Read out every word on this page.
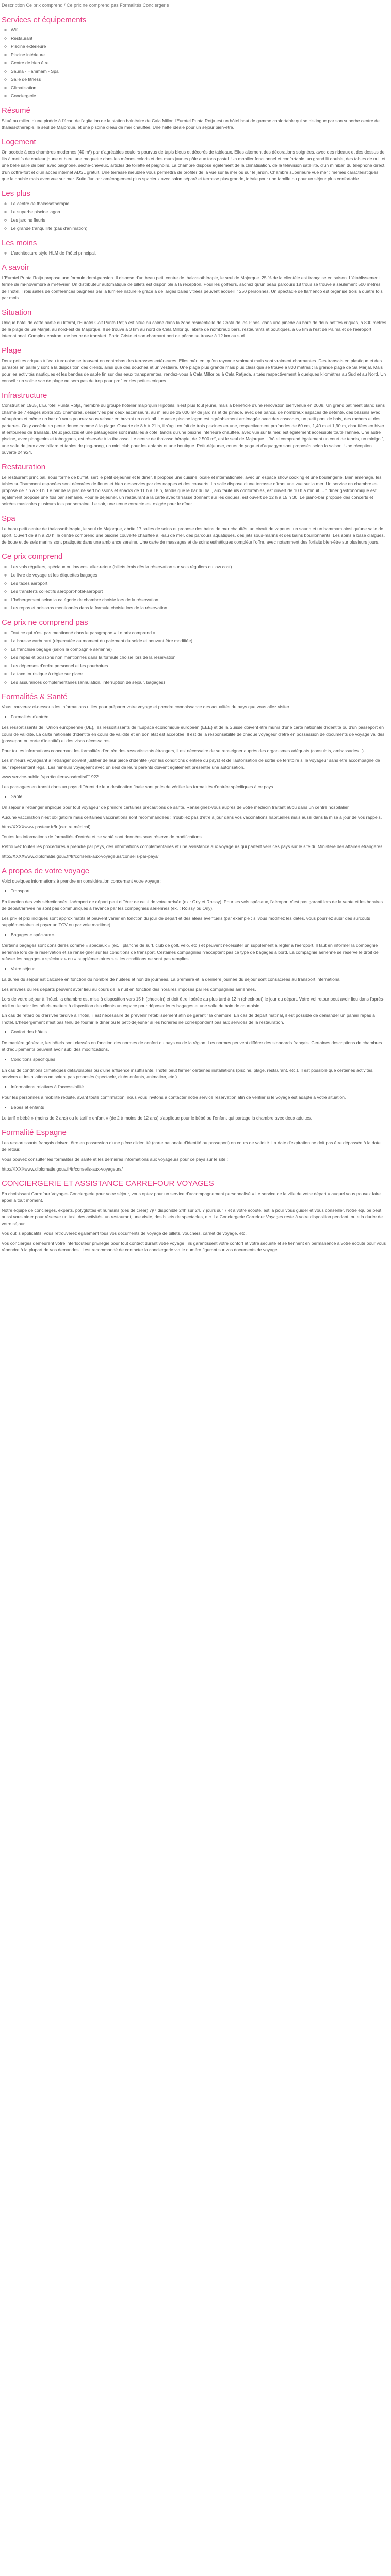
Description Ce prix comprend / Ce prix ne comprend pas Formalités Conciergerie
Services et équipements
◦ Wifi
◦ Restaurant
◦ Piscine extérieure
◦ Piscine intérieure
◦ Centre de bien être
◦ Sauna - Hammam - Spa
◦ Salle de fitness
◦ Climatisation
◦ Conciergerie
Résumé

Situé au milieu d'une pinède à l'écart de l'agitation de la station balnéaire de Cala Millor, l'Eurotel Punta Rotja est un hôtel haut de gamme confortable qui se distingue par son superbe centre de thalassothérapie, le seul de Majorque, et une piscine d'eau de mer chauffée. Une halte idéale pour un séjour bien-être.

Logement

On accède à ces chambres modernes (40 m²) par d'agréables couloirs pourvus de tapis bleus et décorés de tableaux. Elles alternent des décorations soignées, avec des rideaux et des dessus de lits à motifs de couleur jaune et bleu, une moquette dans les mêmes coloris et des murs jaunes pâle aux tons pastel. Un mobilier fonctionnel et confortable, un grand lit double, des tables de nuit et une belle salle de bain avec baignoire, sèche-cheveux, articles de toilette et peignoirs. La chambre dispose également de la climatisation, de la télévision satellite, d'un minibar, du téléphone direct, d'un coffre-fort et d'un accès internet ADSL gratuit. Une terrasse meublée vous permettra de profiter de la vue sur la mer ou sur le jardin. Chambre supérieure vue mer : mêmes caractéristiques que la double mais avec vue sur mer. Suite Junior : aménagement plus spacieux avec salon séparé et terrasse plus grande, idéale pour une famille ou pour un séjour plus confortable.

Les plus
◦ Le centre de thalassothérapie
◦ Le superbe piscine lagon
◦ Les jardins fleuris
◦ Le grande tranquillité (pas d'animation)
Les moins
◦ L'architecture style HLM de l'hôtel principal.
A savoir

L'Eurotel Punta Rotja propose une formule demi-pension. Il dispose d'un beau petit centre de thalassothérapie, le seul de Majorque. 25 % de la clientèle est française en saison. L'établissement ferme de mi-novembre à mi-février. Un distributeur automatique de billets est disponible à la réception. Pour les golfeurs, sachez qu'un beau parcours 18 trous se trouve à seulement 500 mètres de l'hôtel. Trois salles de conférences baignées par la lumière naturelle grâce à de larges baies vitrées peuvent accueillir 250 personnes. Un spectacle de flamenco est organisé trois à quatre fois par mois.

Situation

Unique hôtel de cette partie du littoral, l'Eurotel Golf Punta Rotja est situé au calme dans la zone résidentielle de Costa de los Pinos, dans une pinède au bord de deux petites criques, à 800 mètres de la plage de Sa Marjal, au nord-est de Majorque. Il se trouve à 3 km au nord de Cala Millor qui abrite de nombreux bars, restaurants et boutiques, à 65 km à l'est de Palma et de l'aéroport international. Complex environ une heure de transfert. Porto Cristo et son charmant port de pêche se trouve à 12 km au sud.

Plage

Deux petites criques à l'eau turquoise se trouvent en contrebas des terrasses extérieures. Elles méritent qu'on rayonne vraiment mais sont vraiment charmantes. Des transats en plastique et des parasols en paille y sont à la disposition des clients, ainsi que des douches et un vestiaire. Une plage plus grande mais plus classique se trouve à 800 mètres : la grande plage de Sa Marjal. Mais pour les activités nautiques et les bandes de sable fin sur des eaux transparentes, rendez-vous à Cala Millor ou à Cala Ratjada, situés respectivement à quelques kilomètres au Sud et au Nord. Un conseil : un solide sac de plage ne sera pas de trop pour profiter des petites criques.

Infrastructure

Construit en 1965, L'Eurotel Punta Rotja, membre du groupe hôtelier majorquin Hipotels, n'est plus tout jeune, mais a bénéficié d'une rénovation bienvenue en 2008. Un grand bâtiment blanc sans charme de 7 étages abrite 203 chambres, desservies par deux ascenseurs, au milieu de 25 000 m² de jardins et de pinède, avec des bancs, de nombreux espaces de détente, des bassins avec nénuphars et même un bar où vous pourrez vous relaxer en buvant un cocktail. Le vaste piscine lagon est agréablement aménagée avec des cascades, un petit pont de bois, des rochers et des parterres. On y accède en pente douce comme à la plage. Ouverte de 8 h à 21 h, il s'agit en fait de trois piscines en une, respectivement profondes de 60 cm, 1,40 m et 1,90 m, chauffées en hiver et entourées de transats. Deux jacuzzis et une pataugeoire sont installés à côté, tandis qu'une piscine intérieure chauffée, avec vue sur la mer, est également accessible toute l'année. Une autre piscine, avec plongeoirs et toboggans, est réservée à la thalasso. Le centre de thalassothérapie, de 2 500 m², est le seul de Majorque. L'hôtel comprend également un court de tennis, un minigolf, une salle de jeux avec billard et tables de ping-pong, un mini club pour les enfants et une boutique. Petit-déjeuner, cours de yoga et d'aquagym sont proposés selon la saison. Une réception ouverte 24h/24.

Restauration

Le restaurant principal, sous forme de buffet, sert le petit déjeuner et le dîner. Il propose une cuisine locale et internationale, avec un espace show cooking et une boulangerie. Bien aménagé, les tables suffisamment espacées sont décorées de fleurs et bien desservies par des nappes et des couverts. La salle dispose d'une terrasse offrant une vue sur la mer. Un service en chambre est proposé de 7 h à 23 h. Le bar de la piscine sert boissons et snacks de 11 h à 18 h, tandis que le bar du hall, aux fauteuils confortables, est ouvert de 10 h à minuit. Un dîner gastronomique est également proposé une fois par semaine. Pour le déjeuner, un restaurant à la carte avec terrasse donnant sur les criques, est ouvert de 12 h à 15 h 30. Le piano-bar propose des concerts et soirées musicales plusieurs fois par semaine. Le soir, une tenue correcte est exigée pour le dîner.

Spa

Le beau petit centre de thalassothérapie, le seul de Majorque, abrite 17 salles de soins et propose des bains de mer chauffés, un circuit de vapeurs, un sauna et un hammam ainsi qu'une salle de sport. Ouvert de 9 h à 20 h, le centre comprend une piscine couverte chauffée à l'eau de mer, des parcours aquatiques, des jets sous-marins et des bains bouillonnants. Les soins à base d'algues, de boue et de sels marins sont pratiqués dans une ambiance sereine. Une carte de massages et de soins esthétiques complète l'offre, avec notamment des forfaits bien-être sur plusieurs jours.

Ce prix comprend
◦ Les vols réguliers, spéciaux ou low cost aller-retour (billets émis dès la réservation sur vols réguliers ou low cost)
◦ Le livre de voyage et les étiquettes bagages
◦ Les taxes aéroport
◦ Les transferts collectifs aéroport-hôtel-aéroport
◦ L'hébergement selon la catégorie de chambre choisie lors de la réservation
◦ Les repas et boissons mentionnés dans la formule choisie lors de la réservation
Ce prix ne comprend pas
◦ Tout ce qui n'est pas mentionné dans le paragraphe « Le prix comprend »
◦ La hausse carburant (répercutée au moment du paiement du solde et pouvant être modifiée)
◦ La franchise bagage (selon la compagnie aérienne)
◦ Les repas et boissons non mentionnés dans la formule choisie lors de la réservation
◦ Les dépenses d'ordre personnel et les pourboires
◦ La taxe touristique à régler sur place
◦ Les assurances complémentaires (annulation, interruption de séjour, bagages)
Formalités & Santé

Vous trouverez ci-dessous les informations utiles pour préparer votre voyage et prendre connaissance des actualités du pays que vous allez visiter.

• Formalités d'entrée

Les ressortissants de l'Union européenne (UE), les ressortissants de l'Espace économique européen (EEE) et de la Suisse doivent être munis d'une carte nationale d'identité ou d'un passeport en cours de validité. La carte nationale d'identité en cours de validité et en bon état est acceptée. Il est de la responsabilité de chaque voyageur d'être en possession de documents de voyage valides (passeport ou carte d'identité) et des visas nécessaires.

Pour toutes informations concernant les formalités d'entrée des ressortissants étrangers, il est nécessaire de se renseigner auprès des organismes adéquats (consulats, ambassades...).

Les mineurs voyageant à l'étranger doivent justifier de leur pièce d'identité (voir les conditions d'entrée du pays) et de l'autorisation de sortie de territoire si le voyageur sans être accompagné de leur représentant légal. Les mineurs voyageant avec un seul de leurs parents doivent également présenter une autorisation.

www.service-public.fr/particuliers/vosdroits/F1922

Les passagers en transit dans un pays différent de leur destination finale sont priés de vérifier les formalités d'entrée spécifiques à ce pays.

• Santé

Un séjour à l'étranger implique pour tout voyageur de prendre certaines précautions de santé. Renseignez-vous auprès de votre médecin traitant et/ou dans un centre hospitalier.

Aucune vaccination n'est obligatoire mais certaines vaccinations sont recommandées ; n'oubliez pas d'être à jour dans vos vaccinations habituelles mais aussi dans la mise à jour de vos rappels.

http://XXXXwww.pasteur.fr/fr (centre médical)

Toutes les informations de formalités d'entrée et de santé sont données sous réserve de modifications.

Retrouvez toutes les procédures à prendre par pays, des informations complémentaires et une assistance aux voyageurs qui partent vers ces pays sur le site du Ministère des Affaires étrangères.

http://XXXXwww.diplomatie.gouv.fr/fr/conseils-aux-voyageurs/conseils-par-pays/

A propos de votre voyage

Voici quelques informations à prendre en considération concernant votre voyage :

• Transport

En fonction des vols sélectionnés, l'aéroport de départ peut différer de celui de votre arrivée (ex : Orly et Roissy). Pour les vols spéciaux, l'aéroport n'est pas garanti lors de la vente et les horaires de départ/arrivée ne sont pas communiqués à l'avance par les compagnies aériennes (ex. : Roissy ou Orly).

Les prix et prix indiqués sont approximatifs et peuvent varier en fonction du jour de départ et des aléas éventuels (par exemple : si vous modifiez les dates, vous pourriez subir des surcoûts supplémentaires et payer un TCV ou par voie maritime).

• Bagages « spéciaux »

Certains bagages sont considérés comme « spéciaux » (ex. : planche de surf, club de golf, vélo, etc.) et peuvent nécessiter un supplément à régler à l'aéroport. Il faut en informer la compagnie aérienne lors de la réservation et se renseigner sur les conditions de transport. Certaines compagnies n'acceptent pas ce type de bagages à bord. La compagnie aérienne se réserve le droit de refuser les bagages « spéciaux » ou « supplémentaires » si les conditions ne sont pas remplies.

• Votre séjour

La durée du séjour est calculée en fonction du nombre de nuitées et non de journées. La première et la dernière journée du séjour sont consacrées au transport international.

Les arrivées ou les départs peuvent avoir lieu au cours de la nuit en fonction des horaires imposés par les compagnies aériennes.

Lors de votre séjour à l'hôtel, la chambre est mise à disposition vers 15 h (check-in) et doit être libérée au plus tard à 12 h (check-out) le jour du départ. Votre vol retour peut avoir lieu dans l'après-midi ou le soir : les hôtels mettent à disposition des clients un espace pour déposer leurs bagages et une salle de bain de courtoisie.

En cas de retard ou d'arrivée tardive à l'hôtel, il est nécessaire de prévenir l'établissement afin de garantir la chambre. En cas de départ matinal, il est possible de demander un panier repas à l'hôtel. L'hébergement n'est pas tenu de fournir le dîner ou le petit-déjeuner si les horaires ne correspondent pas aux services de la restauration.

• Confort des hôtels

De manière générale, les hôtels sont classés en fonction des normes de confort du pays ou de la région. Les normes peuvent différer des standards français. Certaines descriptions de chambres et d'équipements peuvent avoir subi des modifications.

• Conditions spécifiques

En cas de conditions climatiques défavorables ou d'une affluence insuffisante, l'hôtel peut fermer certaines installations (piscine, plage, restaurant, etc.). Il est possible que certaines activités, services et installations ne soient pas proposés (spectacle, clubs enfants, animation, etc.).

• Informations relatives à l'accessibilité

Pour les personnes à mobilité réduite, avant toute confirmation, nous vous invitons à contacter notre service réservation afin de vérifier si le voyage est adapté à votre situation.

• Bébés et enfants

Le tarif « bébé » (moins de 2 ans) ou le tarif « enfant » (de 2 à moins de 12 ans) s'applique pour le bébé ou l'enfant qui partage la chambre avec deux adultes.

Formalité Espagne

Les ressortissants français doivent être en possession d'une pièce d'identité (carte nationale d'identité ou passeport) en cours de validité. La date d'expiration ne doit pas être dépassée à la date de retour.

Vous pouvez consulter les formalités de santé et les dernières informations aux voyageurs pour ce pays sur le site :

http://XXXXwww.diplomatie.gouv.fr/fr/conseils-aux-voyageurs/

CONCIERGERIE ET ASSISTANCE CARREFOUR VOYAGES

En choisissant Carrefour Voyages Conciergerie pour votre séjour, vous optez pour un service d'accompagnement personnalisé « Le service de la ville de votre départ » auquel vous pouvez faire appel à tout moment.

Notre équipe de concierges, experts, polyglottes et humains (dès de créer) 7j/7 disponible 24h sur 24, 7 jours sur 7 et à votre écoute, est là pour vous guider et vous conseiller. Notre équipe peut aussi vous aider pour réserver un taxi, des activités, un restaurant, une visite, des billets de spectacles, etc. La Conciergerie Carrefour Voyages reste à votre disposition pendant toute la durée de votre séjour.

Vos outils applicatifs, vous retrouverez également tous vos documents de voyage de billets, vouchers, carnet de voyage, etc.

Vos concierges demeurent votre interlocuteur privilégié pour tout contact durant votre voyage ; ils garantissent votre confort et votre sécurité et se tiennent en permanence à votre écoute pour vous répondre à la plupart de vos demandes. Il est recommandé de contacter la conciergerie via le numéro figurant sur vos documents de voyage.
